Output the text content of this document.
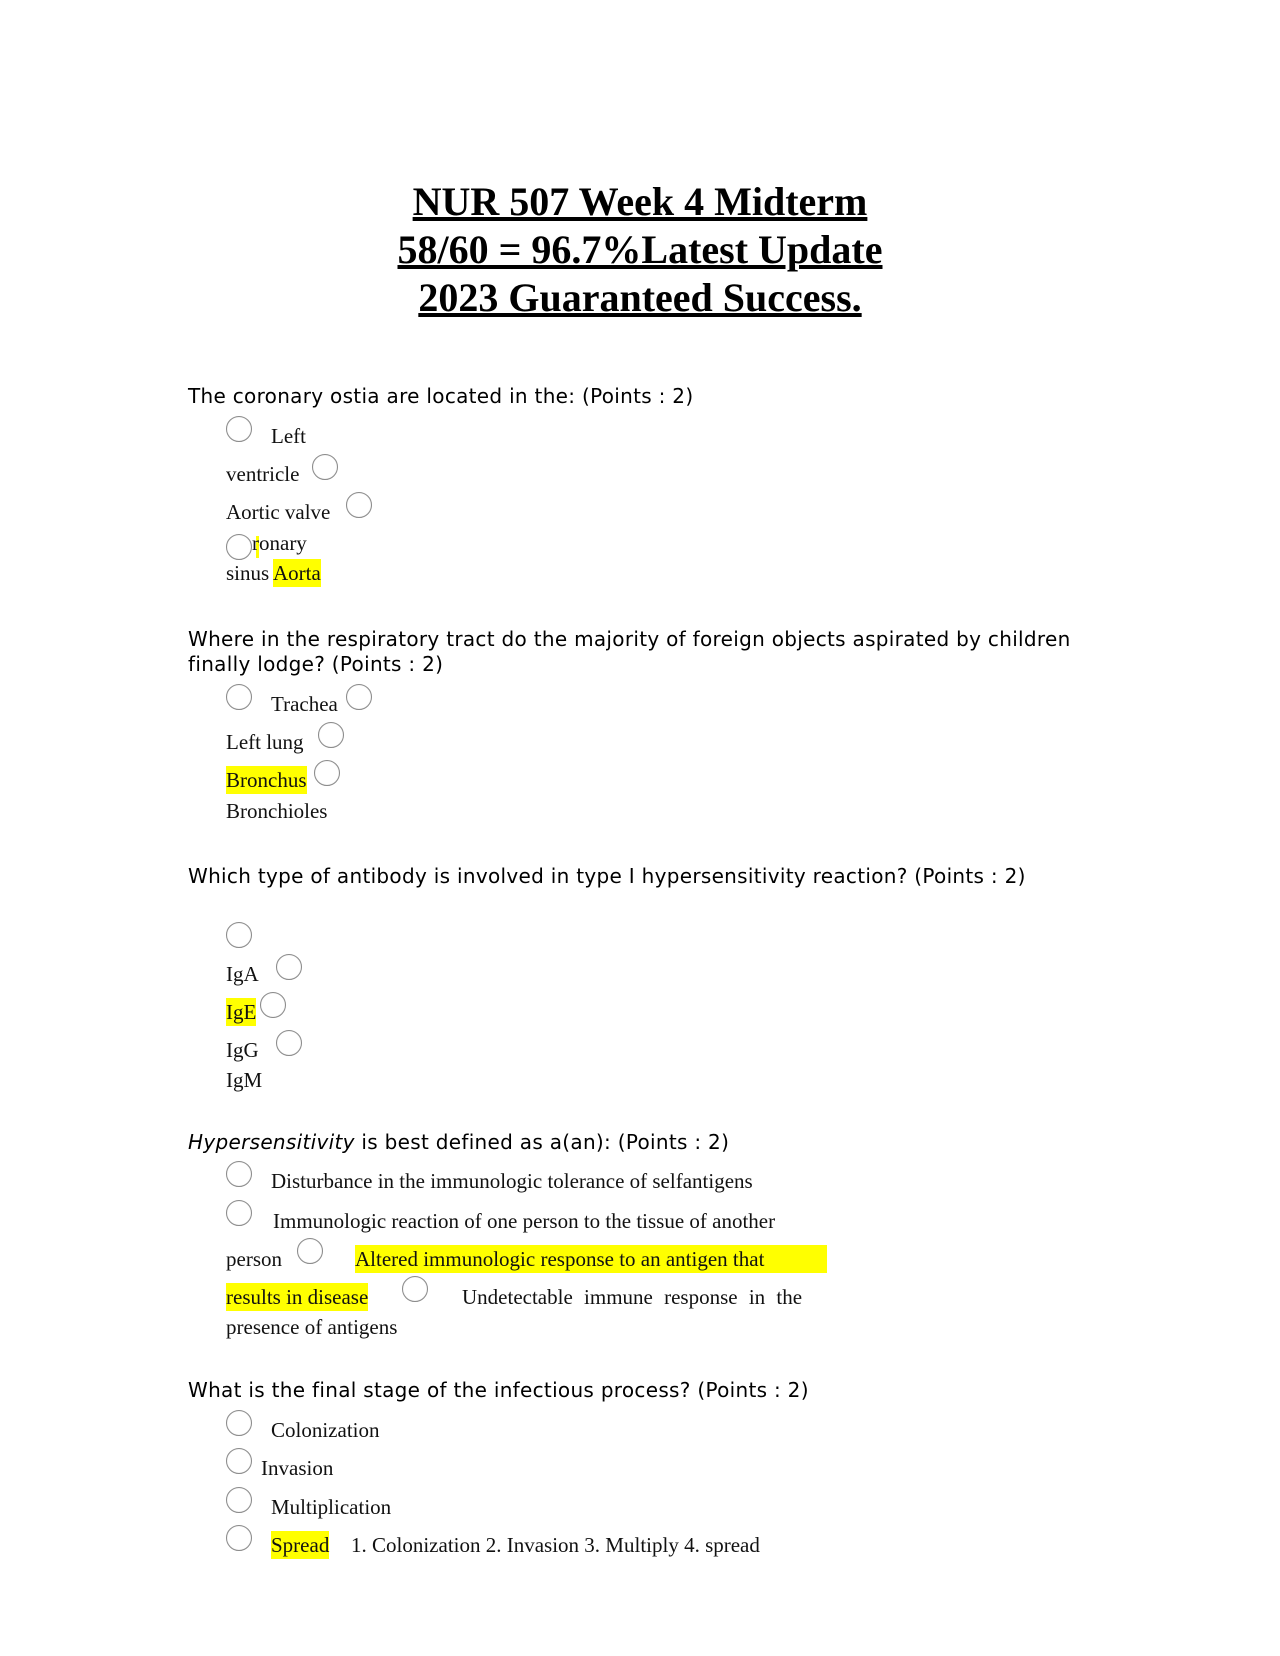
NUR 507 Week 4 Midterm
58/60 = 96.7%Latest Update
2023 Guaranteed Success.
The coronary ostia are located in the: (Points : 2)
Left
ventricle
Aortic valve
ronary
sinus Aorta
Where in the respiratory tract do the majority of foreign objects aspirated by children finally lodge? (Points : 2)
Trachea
Left lung
Bronchus
Bronchioles
Which type of antibody is involved in type I hypersensitivity reaction? (Points : 2)
IgA
IgE
IgG
IgM
Hypersensitivity is best defined as a(an): (Points : 2)
Disturbance in the immunologic tolerance of selfantigens
Immunologic reaction of one person to the tissue of another
person	Altered immunologic response to an antigen that
results in disease	Undetectable immune response in the
presence of antigens
What is the final stage of the infectious process? (Points : 2)
Colonization
Invasion
Multiplication
Spread 1. Colonization 2. Invasion 3. Multiply 4. spread
